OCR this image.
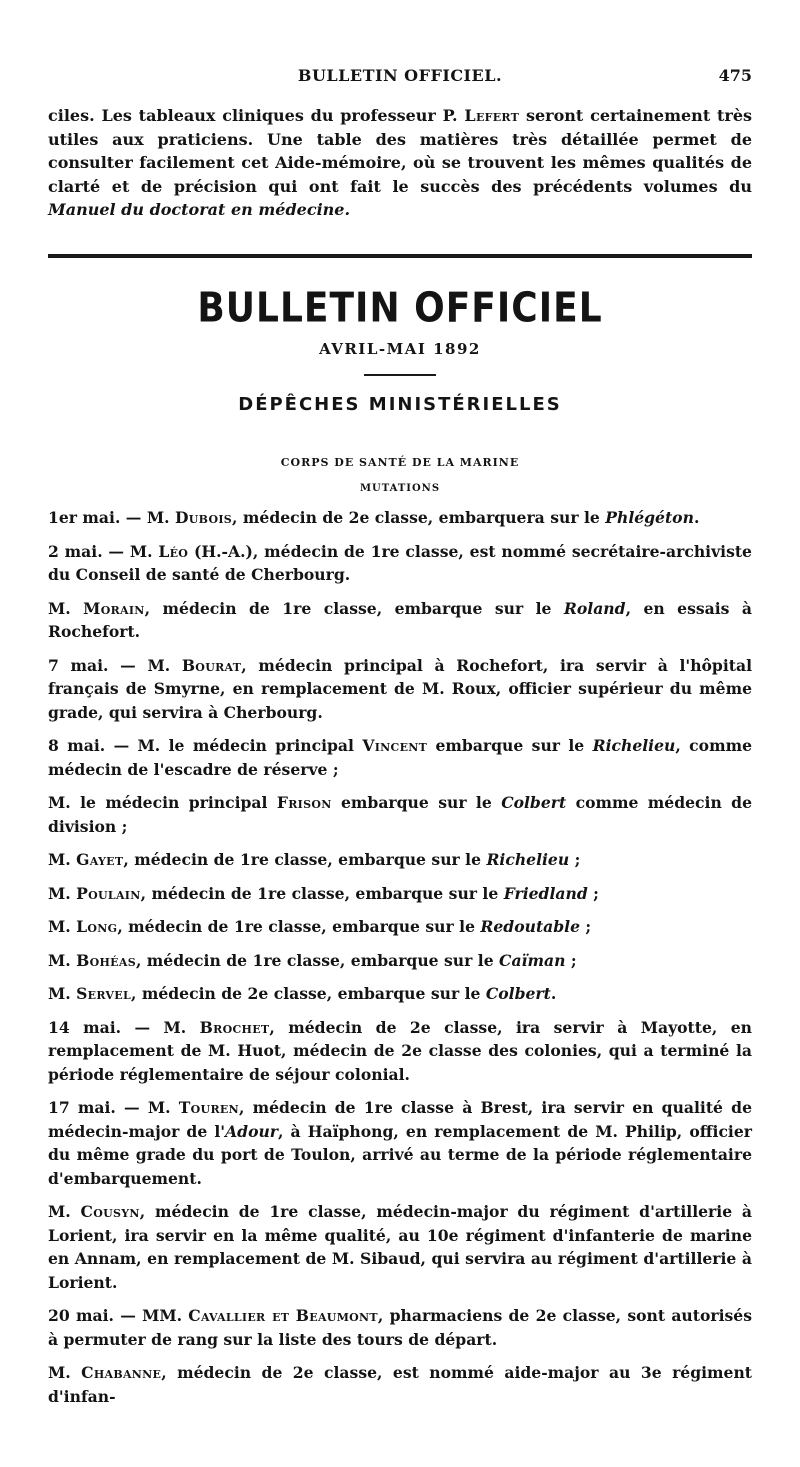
BULLETIN OFFICIEL.	475

ciles. Les tableaux cliniques du professeur P. Lefert seront certainement très utiles aux praticiens. Une table des matières très détaillée permet de consulter facilement cet Aide-mémoire, où se trouvent les mêmes qualités de clarté et de précision qui ont fait le succès des précédents volumes du Manuel du doctorat en médecine.

BULLETIN OFFICIEL
AVRIL-MAI 1892
DÉPÊCHES MINISTÉRIELLES
CORPS DE SANTÉ DE LA MARINE
MUTATIONS

1er mai. — M. Dubois, médecin de 2e classe, embarquera sur le Phlégéton.

2 mai. — M. Léo (H.-A.), médecin de 1re classe, est nommé secrétaire-archiviste du Conseil de santé de Cherbourg.

M. Morain, médecin de 1re classe, embarque sur le Roland, en essais à Rochefort.

7 mai. — M. Bourat, médecin principal à Rochefort, ira servir à l'hôpital français de Smyrne, en remplacement de M. Roux, officier supérieur du même grade, qui servira à Cherbourg.

8 mai. — M. le médecin principal Vincent embarque sur le Richelieu, comme médecin de l'escadre de réserve ;

M. le médecin principal Frison embarque sur le Colbert comme médecin de division ;

M. Gayet, médecin de 1re classe, embarque sur le Richelieu ;

M. Poulain, médecin de 1re classe, embarque sur le Friedland ;

M. Long, médecin de 1re classe, embarque sur le Redoutable ;

M. Bohéas, médecin de 1re classe, embarque sur le Caïman ;

M. Servel, médecin de 2e classe, embarque sur le Colbert.

14 mai. — M. Brochet, médecin de 2e classe, ira servir à Mayotte, en remplacement de M. Huot, médecin de 2e classe des colonies, qui a terminé la période réglementaire de séjour colonial.

17 mai. — M. Touren, médecin de 1re classe à Brest, ira servir en qualité de médecin-major de l'Adour, à Haïphong, en remplacement de M. Philip, officier du même grade du port de Toulon, arrivé au terme de la période réglementaire d'embarquement.

M. Cousyn, médecin de 1re classe, médecin-major du régiment d'artillerie à Lorient, ira servir en la même qualité, au 10e régiment d'infanterie de marine en Annam, en remplacement de M. Sibaud, qui servira au régiment d'artillerie à Lorient.

20 mai. — MM. Cavallier et Beaumont, pharmaciens de 2e classe, sont autorisés à permuter de rang sur la liste des tours de départ.

M. Chabanne, médecin de 2e classe, est nommé aide-major au 3e régiment d'infan-
